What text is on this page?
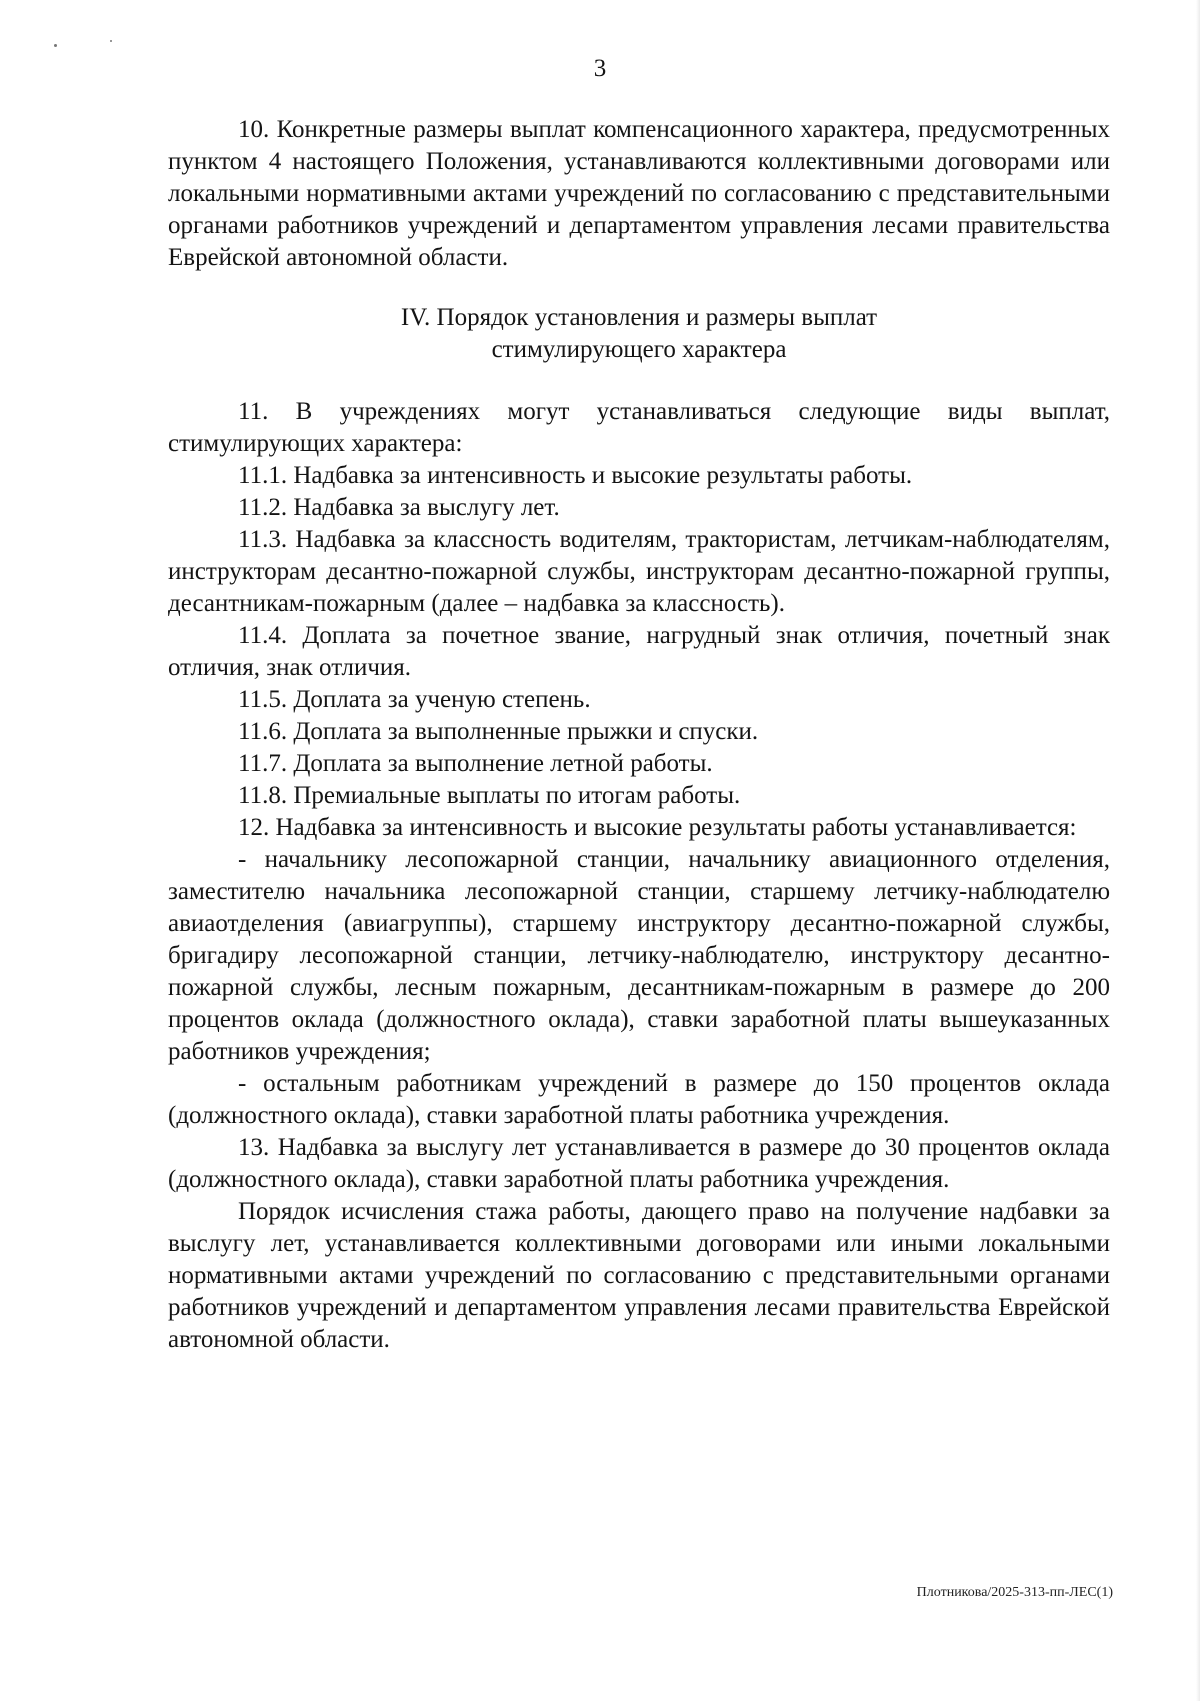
3

10. Конкретные размеры выплат компенсационного характера, предусмотренных пунктом 4 настоящего Положения, устанавливаются коллективными договорами или локальными нормативными актами учреждений по согласованию с представительными органами работников учреждений и департаментом управления лесами правительства Еврейской автономной области.

IV. Порядок установления и размеры выплат
стимулирующего характера

11. В учреждениях могут устанавливаться следующие виды выплат, стимулирующих характера:

11.1. Надбавка за интенсивность и высокие результаты работы.

11.2. Надбавка за выслугу лет.

11.3. Надбавка за классность водителям, трактористам, летчикам-наблюдателям, инструкторам десантно-пожарной службы, инструкторам десантно-пожарной группы, десантникам-пожарным (далее – надбавка за классность).

11.4. Доплата за почетное звание, нагрудный знак отличия, почетный знак отличия, знак отличия.

11.5. Доплата за ученую степень.

11.6. Доплата за выполненные прыжки и спуски.

11.7. Доплата за выполнение летной работы.

11.8. Премиальные выплаты по итогам работы.

12. Надбавка за интенсивность и высокие результаты работы устанавливается:

- начальнику лесопожарной станции, начальнику авиационного отделения, заместителю начальника лесопожарной станции, старшему летчику-наблюдателю авиаотделения (авиагруппы), старшему инструктору десантно-пожарной службы, бригадиру лесопожарной станции, летчику-наблюдателю, инструктору десантно-пожарной службы, лесным пожарным, десантникам-пожарным в размере до 200 процентов оклада (должностного оклада), ставки заработной платы вышеуказанных работников учреждения;

- остальным работникам учреждений в размере до 150 процентов оклада (должностного оклада), ставки заработной платы работника учреждения.

13. Надбавка за выслугу лет устанавливается в размере до 30 процентов оклада (должностного оклада), ставки заработной платы работника учреждения.

Порядок исчисления стажа работы, дающего право на получение надбавки за выслугу лет, устанавливается коллективными договорами или иными локальными нормативными актами учреждений по согласованию с представительными органами работников учреждений и департаментом управления лесами правительства Еврейской автономной области.

Плотникова/2025-313-пп-ЛЕС(1)
